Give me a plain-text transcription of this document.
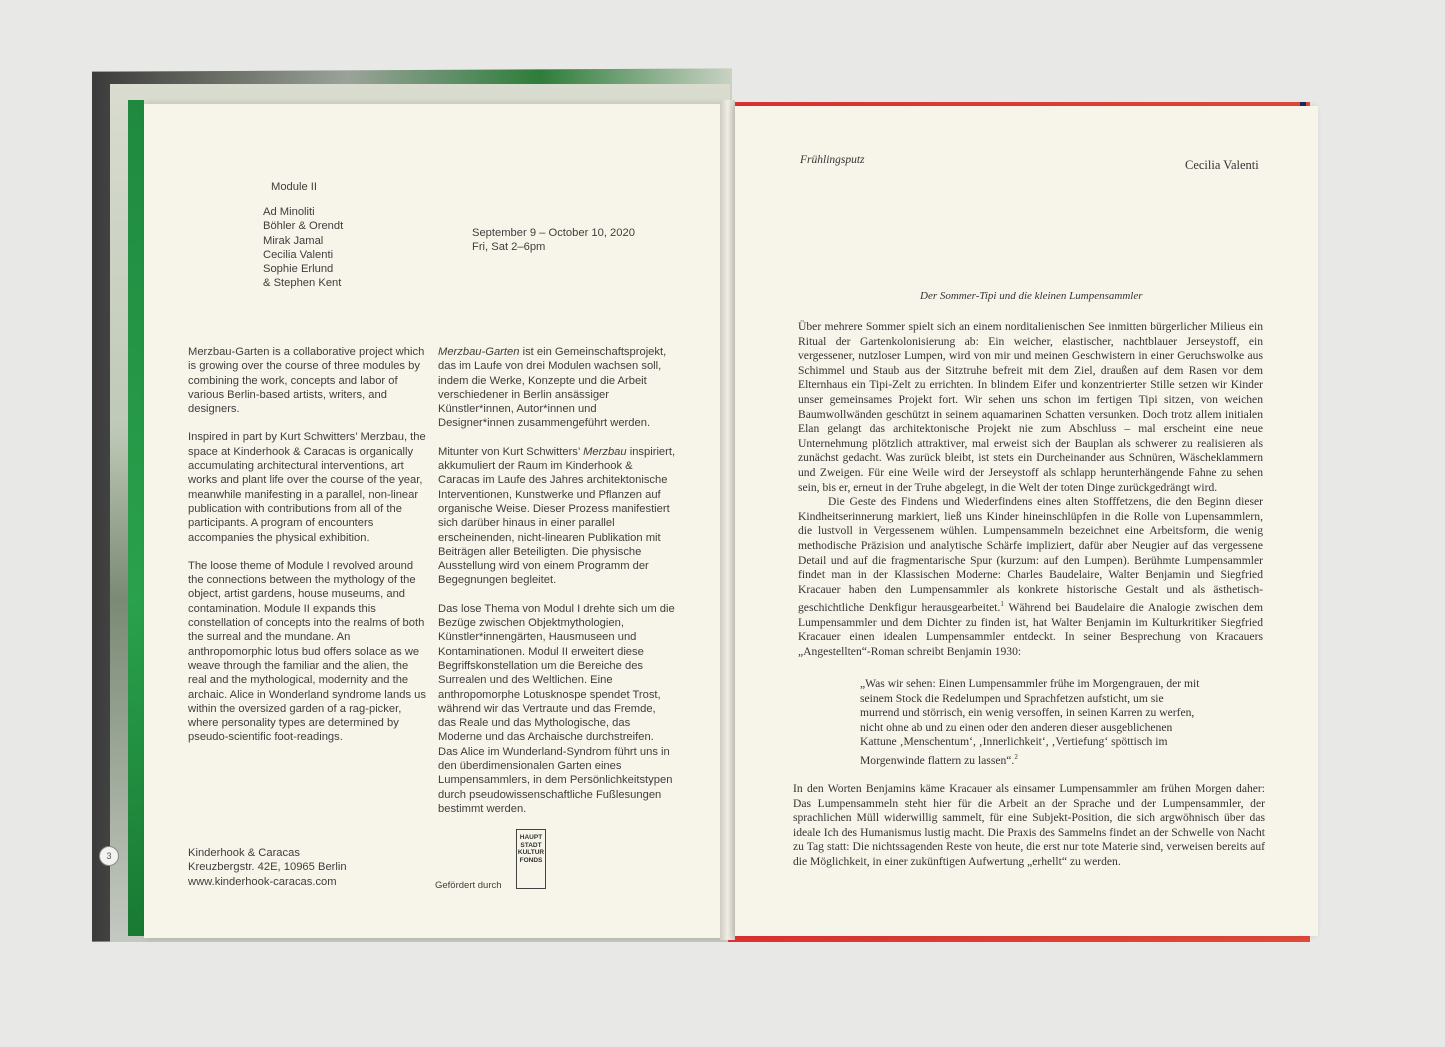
3
Module II
Ad Minoliti
Böhler & Orendt
Mirak Jamal
Cecilia Valenti
Sophie Erlund
& Stephen Kent
September 9 – October 10, 2020
Fri, Sat 2–6pm

Merzbau-Garten is a collaborative project which is growing over the course of three modules by combining the work, concepts and labor of various Berlin-based artists, writers, and designers.

Inspired in part by Kurt Schwitters’ Merzbau, the space at Kinderhook & Caracas is organically accumulating architectural interventions, art works and plant life over the course of the year, meanwhile manifesting in a parallel, non-linear publication with contributions from all of the participants. A program of encounters accompanies the physical exhibition.

The loose theme of Module I revolved around the connections between the mythology of the object, artist gardens, house museums, and contamination. Module II expands this constellation of concepts into the realms of both the surreal and the mundane. An anthropomorphic lotus bud offers solace as we weave through the familiar and the alien, the real and the mythological, modernity and the archaic. Alice in Wonderland syndrome lands us within the oversized garden of a rag-picker, where personality types are determined by pseudo-scientific foot-readings.

Merzbau-Garten ist ein Gemeinschaftsprojekt, das im Laufe von drei Modulen wachsen soll, indem die Werke, Konzepte und die Arbeit verschiedener in Berlin ansässiger Künstler*innen, Autor*innen und Designer*innen zusammengeführt werden.

Mitunter von Kurt Schwitters’ Merzbau inspiriert, akkumuliert der Raum im Kinderhook & Caracas im Laufe des Jahres architektonische Interventionen, Kunstwerke und Pflanzen auf organische Weise. Dieser Prozess manifestiert sich darüber hinaus in einer parallel erscheinenden, nicht-linearen Publikation mit Beiträgen aller Beteiligten. Die physische Ausstellung wird von einem Programm der Begegnungen begleitet.

Das lose Thema von Modul I drehte sich um die Bezüge zwischen Objektmythologien, Künstler*innengärten, Hausmuseen und Kontaminationen. Modul II erweitert diese Begriffskonstellation um die Bereiche des Surrealen und des Weltlichen. Eine anthropomorphe Lotusknospe spendet Trost, während wir das Vertraute und das Fremde, das Reale und das Mythologische, das Moderne und das Archaische durchstreifen. Das Alice im Wunderland-Syndrom führt uns in den überdimensionalen Garten eines Lumpensammlers, in dem Persönlichkeitstypen durch pseudowissenschaftliche Fußlesungen bestimmt werden.

Kinderhook & Caracas
Kreuzbergstr. 42E, 10965 Berlin
www.kinderhook-caracas.com	Gefördert durch
HAUPT
STADT
KULTUR
FONDS
Frühlingsputz	Cecilia Valenti
Der Sommer-Tipi und die kleinen Lumpensammler

Über mehrere Sommer spielt sich an einem norditalienischen See inmitten bürgerlicher Milieus ein Ritual der Gartenkolonisierung ab: Ein weicher, elastischer, nachtblauer Jerseystoff, ein vergessener, nutzloser Lumpen, wird von mir und meinen Geschwistern in einer Geruchswolke aus Schimmel und Staub aus der Sitztruhe befreit mit dem Ziel, draußen auf dem Rasen vor dem Elternhaus ein Tipi-Zelt zu errichten. In blindem Eifer und konzentrierter Stille setzen wir Kinder unser gemeinsames Projekt fort. Wir sehen uns schon im fertigen Tipi sitzen, von weichen Baumwollwänden geschützt in seinem aquamarinen Schatten versunken. Doch trotz allem initialen Elan gelangt das architektonische Projekt nie zum Abschluss – mal erscheint eine neue Unternehmung plötzlich attraktiver, mal erweist sich der Bauplan als schwerer zu realisieren als zunächst gedacht. Was zurück bleibt, ist stets ein Durcheinander aus Schnüren, Wäscheklammern und Zweigen. Für eine Weile wird der Jerseystoff als schlapp herunterhängende Fahne zu sehen sein, bis er, erneut in der Truhe abgelegt, in die Welt der toten Dinge zurückgedrängt wird.

Die Geste des Findens und Wiederfindens eines alten Stofffetzens, die den Beginn dieser Kindheitserinnerung markiert, ließ uns Kinder hineinschlüpfen in die Rolle von Lupensammlern, die lustvoll in Vergessenem wühlen. Lumpensammeln bezeichnet eine Arbeitsform, die wenig methodische Präzision und analytische Schärfe impliziert, dafür aber Neugier auf das vergessene Detail und auf die fragmentarische Spur (kurzum: auf den Lumpen). Berühmte Lumpensammler findet man in der Klassischen Moderne: Charles Baudelaire, Walter Benjamin und Siegfried Kracauer haben den Lumpensammler als konkrete historische Gestalt und als ästhetisch-geschichtliche Denkfigur herausgearbeitet.$^1$ Während bei Baudelaire die Analogie zwischen dem Lumpensammler und dem Dichter zu finden ist, hat Walter Benjamin im Kulturkritiker Siegfried Kracauer einen idealen Lumpensammler entdeckt. In seiner Besprechung von Kracauers „Angestellten“-Roman schreibt Benjamin 1930:

„Was wir sehen: Einen Lumpensammler frühe im Morgengrauen, der mit seinem Stock die Redelumpen und Sprachfetzen aufsticht, um sie murrend und störrisch, ein wenig versoffen, in seinen Karren zu werfen, nicht ohne ab und zu einen oder den anderen dieser ausgeblichenen Kattune ‚Menschentum‘, ‚Innerlichkeit‘, ‚Vertiefung‘ spöttisch im Morgenwinde flattern zu lassen“.$^2$

In den Worten Benjamins käme Kracauer als einsamer Lumpensammler am frühen Morgen daher: Das Lumpensammeln steht hier für die Arbeit an der Sprache und der Lumpensammler, der sprachlichen Müll widerwillig sammelt, für eine Subjekt-Position, die sich argwöhnisch über das ideale Ich des Humanismus lustig macht. Die Praxis des Sammelns findet an der Schwelle von Nacht zu Tag statt: Die nichtssagenden Reste von heute, die erst nur tote Materie sind, verweisen bereits auf die Möglichkeit, in einer zukünftigen Aufwertung „erhellt“ zu werden.
